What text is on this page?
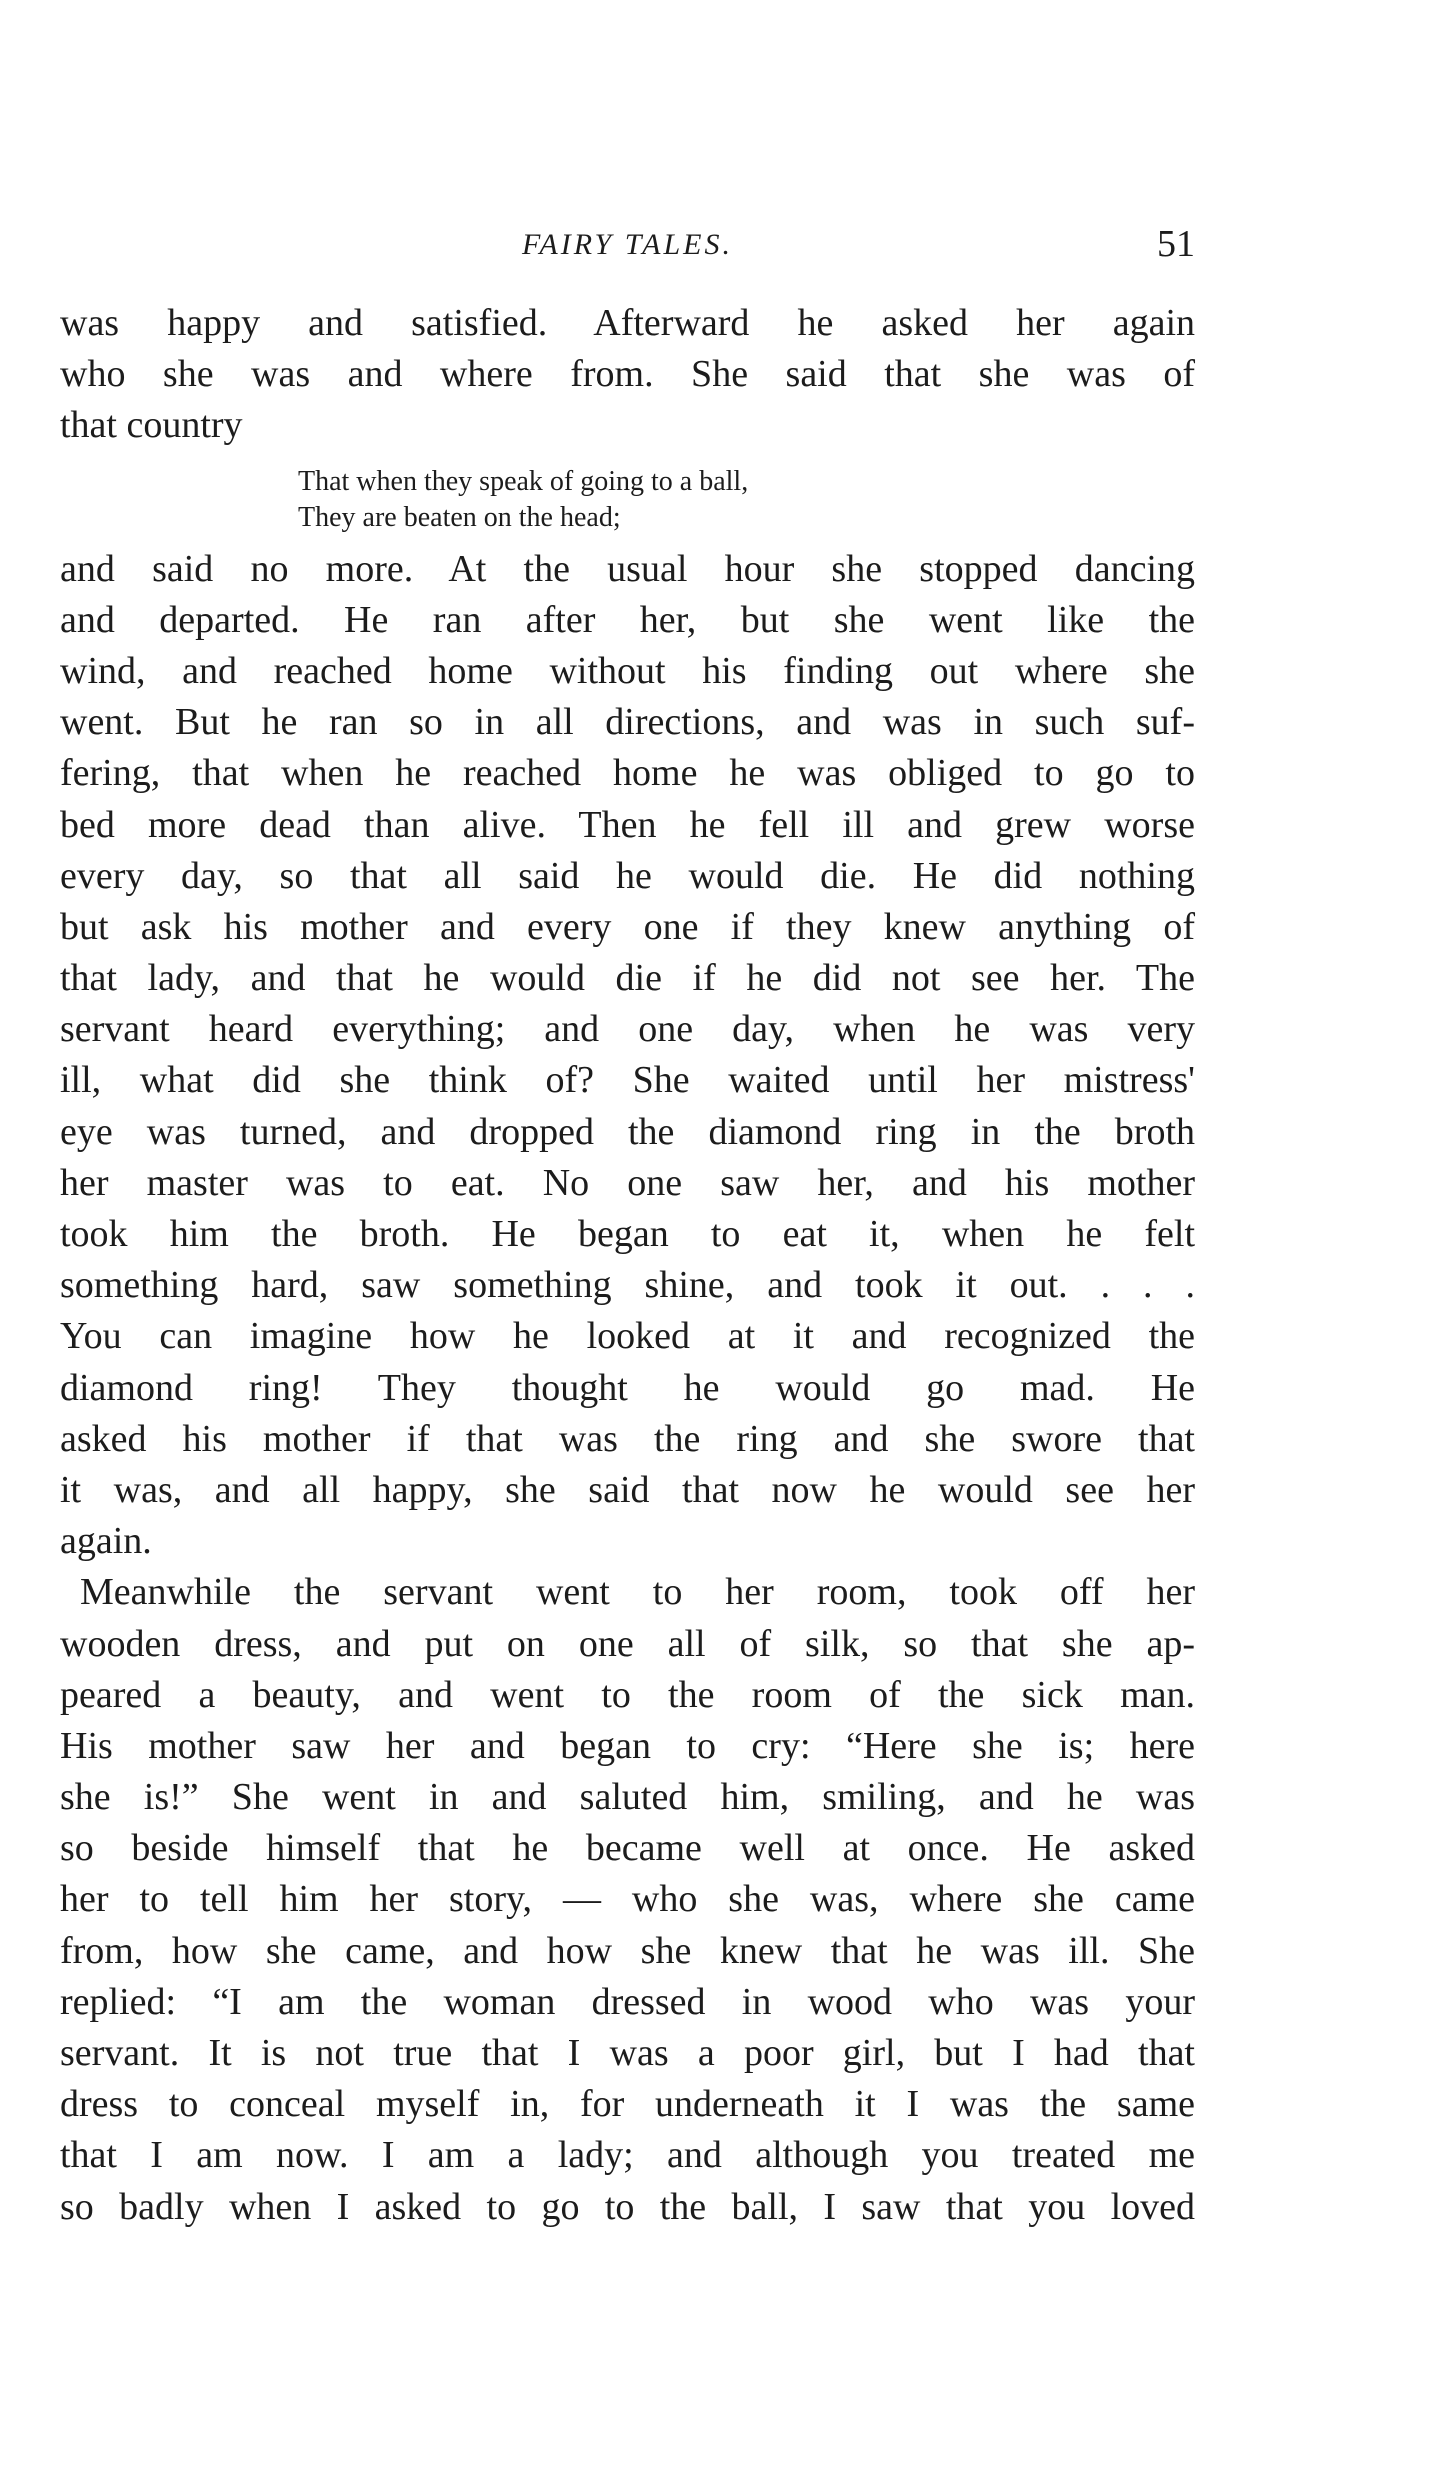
FAIRY TALES.	51
was happy and satisfied. Afterward he asked her again
who she was and where from. She said that she was of
that country
That when they speak of going to a ball,
They are beaten on the head;
and said no more. At the usual hour she stopped dancing
and departed. He ran after her, but she went like the
wind, and reached home without his finding out where she
went. But he ran so in all directions, and was in such suf-
fering, that when he reached home he was obliged to go to
bed more dead than alive. Then he fell ill and grew worse
every day, so that all said he would die. He did nothing
but ask his mother and every one if they knew anything of
that lady, and that he would die if he did not see her. The
servant heard everything; and one day, when he was very
ill, what did she think of? She waited until her mistress'
eye was turned, and dropped the diamond ring in the broth
her master was to eat. No one saw her, and his mother
took him the broth. He began to eat it, when he felt
something hard, saw something shine, and took it out. . . .
You can imagine how he looked at it and recognized the
diamond ring! They thought he would go mad. He
asked his mother if that was the ring and she swore that
it was, and all happy, she said that now he would see her
again.
Meanwhile the servant went to her room, took off her
wooden dress, and put on one all of silk, so that she ap-
peared a beauty, and went to the room of the sick man.
His mother saw her and began to cry: “Here she is; here
she is!” She went in and saluted him, smiling, and he was
so beside himself that he became well at once. He asked
her to tell him her story, — who she was, where she came
from, how she came, and how she knew that he was ill. She
replied: “I am the woman dressed in wood who was your
servant. It is not true that I was a poor girl, but I had that
dress to conceal myself in, for underneath it I was the same
that I am now. I am a lady; and although you treated me
so badly when I asked to go to the ball, I saw that you loved
